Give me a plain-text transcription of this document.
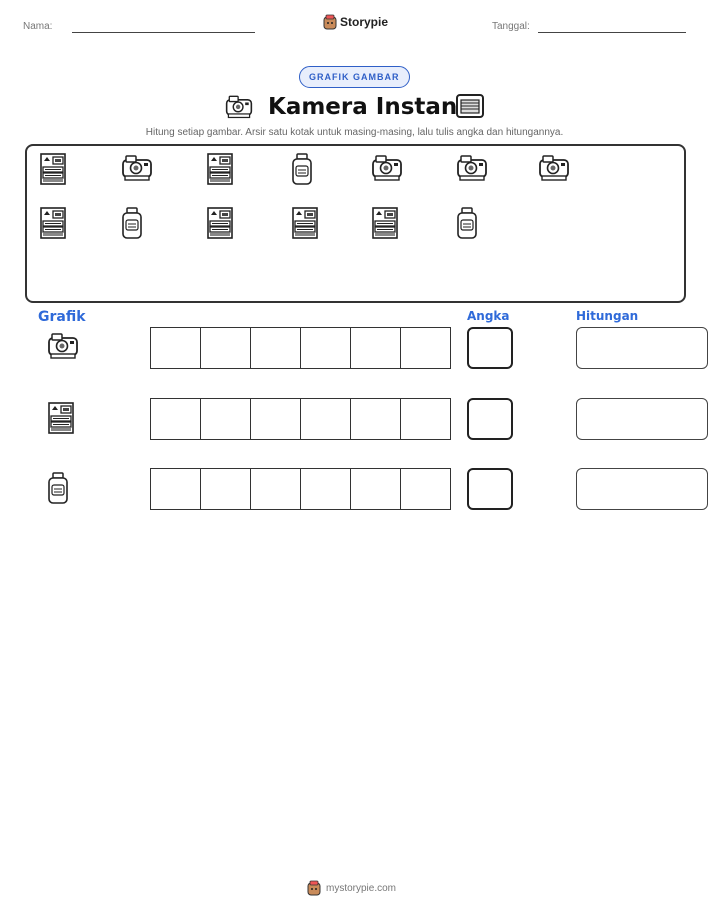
Nama:	Storypie	Tanggal:
GRAFIK GAMBAR
Kamera Instan
Hitung setiap gambar. Arsir satu kotak untuk masing-masing, lalu tulis angka dan hitungannya.
Grafik	Angka	Hitungan
mystorypie.com
